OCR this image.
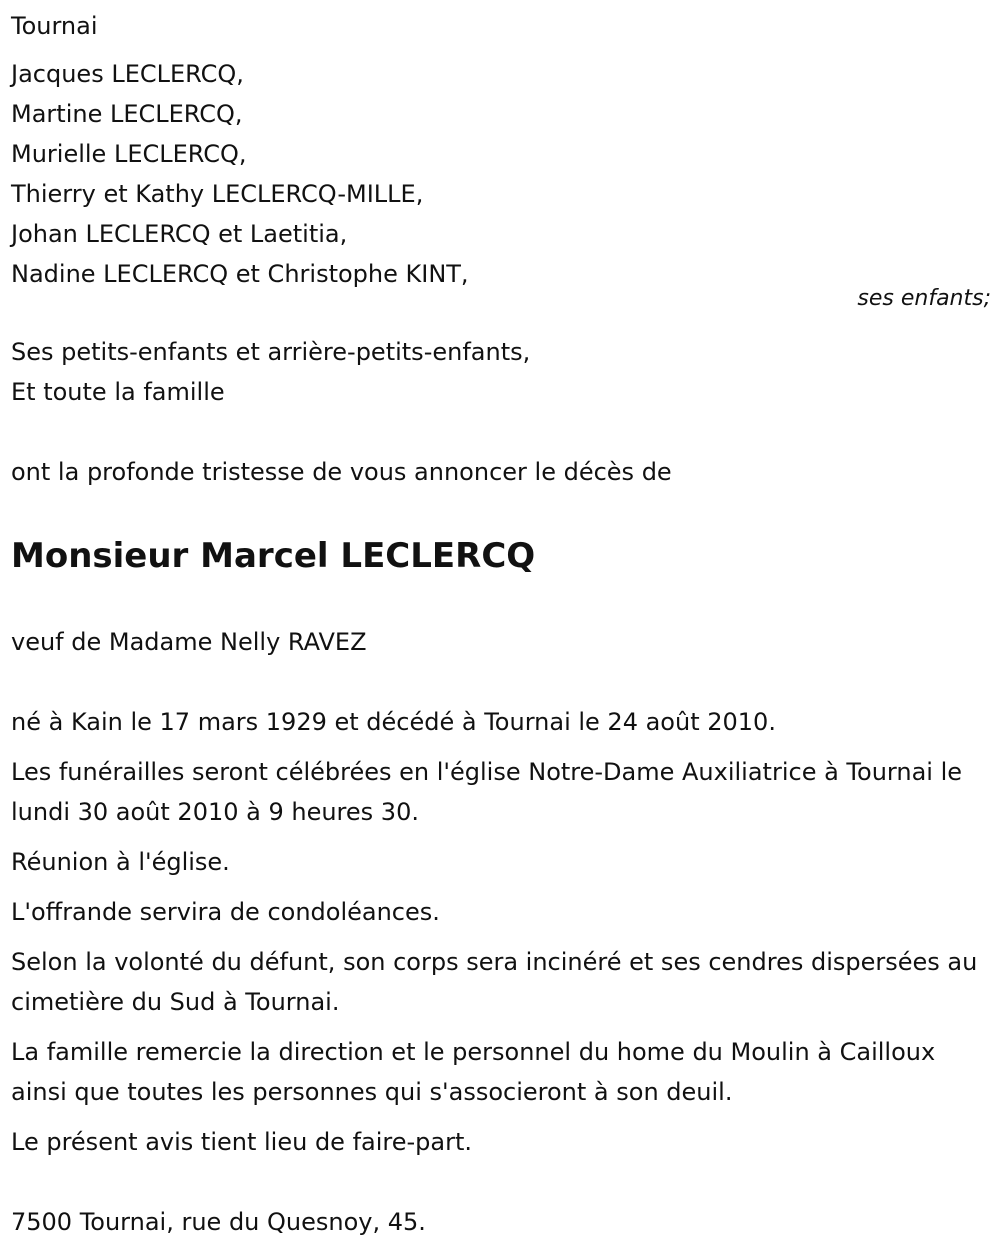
Tournai
Jacques LECLERCQ,
Martine LECLERCQ,
Murielle LECLERCQ,
Thierry et Kathy LECLERCQ-MILLE,
Johan LECLERCQ et Laetitia,
Nadine LECLERCQ et Christophe KINT,
ses enfants;
Ses petits-enfants et arrière-petits-enfants,
Et toute la famille
ont la profonde tristesse de vous annoncer le décès de
Monsieur Marcel LECLERCQ
veuf de Madame Nelly RAVEZ
né à Kain le 17 mars 1929 et décédé à Tournai le 24 août 2010.
Les funérailles seront célébrées en l'église Notre-Dame Auxiliatrice à Tournai le lundi 30 août 2010 à 9 heures 30.
Réunion à l'église.
L'offrande servira de condoléances.
Selon la volonté du défunt, son corps sera incinéré et ses cendres dispersées au cimetière du Sud à Tournai.
La famille remercie la direction et le personnel du home du Moulin à Cailloux ainsi que toutes les personnes qui s'associeront à son deuil.
Le présent avis tient lieu de faire-part.
7500 Tournai, rue du Quesnoy, 45.
